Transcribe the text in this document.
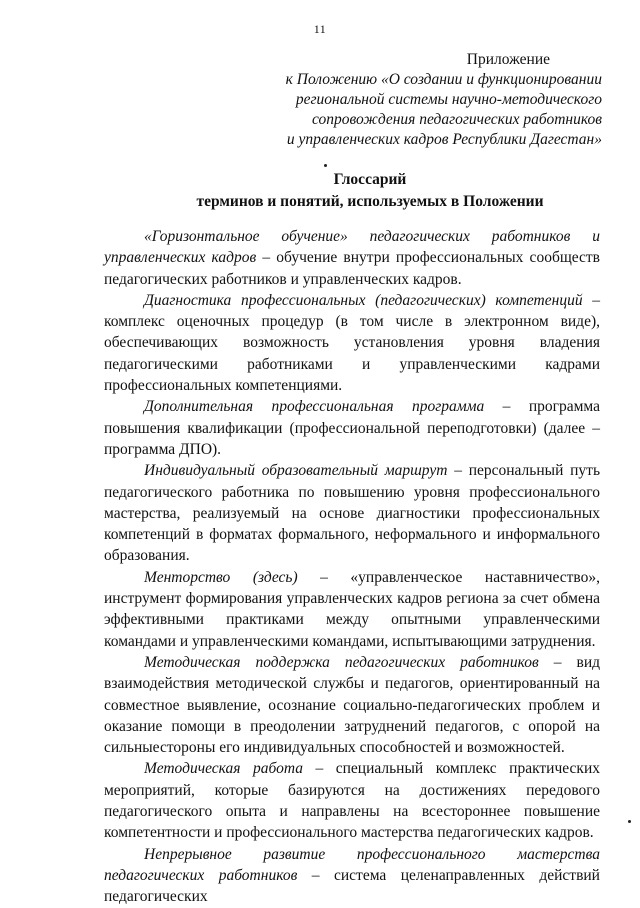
11
Приложение
к Положению «О создании и функционировании
региональной системы научно-методического
сопровождения педагогических работников
и управленческих кадров Республики Дагестан»
Глоссарий
терминов и понятий, используемых в Положении

«Горизонтальное обучение» педагогических работников и управленческих кадров – обучение внутри профессиональных сообществ педагогических работников и управленческих кадров.

Диагностика профессиональных (педагогических) компетенций – комплекс оценочных процедур (в том числе в электронном виде), обеспечивающих возможность установления уровня владения педагогическими работниками и управленческими кадрами профессиональных компетенциями.

Дополнительная профессиональная программа – программа повышения квалификации (профессиональной переподготовки) (далее – программа ДПО).

Индивидуальный образовательный маршрут – персональный путь педагогического работника по повышению уровня профессионального мастерства, реализуемый на основе диагностики профессиональных компетенций в форматах формального, неформального и информального образования.

Менторство (здесь) – «управленческое наставничество», инструмент формирования управленческих кадров региона за счет обмена эффективными практиками между опытными управленческими командами и управленческими командами, испытывающими затруднения.

Методическая поддержка педагогических работников – вид взаимодействия методической службы и педагогов, ориентированный на совместное выявление, осознание социально-педагогических проблем и оказание помощи в преодолении затруднений педагогов, с опорой на сильныестороны его индивидуальных способностей и возможностей.

Методическая работа – специальный комплекс практических мероприятий, которые базируются на достижениях передового педагогического опыта и направлены на всестороннее повышение компетентности и профессионального мастерства педагогических кадров.

Непрерывное развитие профессионального мастерства педагогических работников – система целенаправленных действий педагогических
